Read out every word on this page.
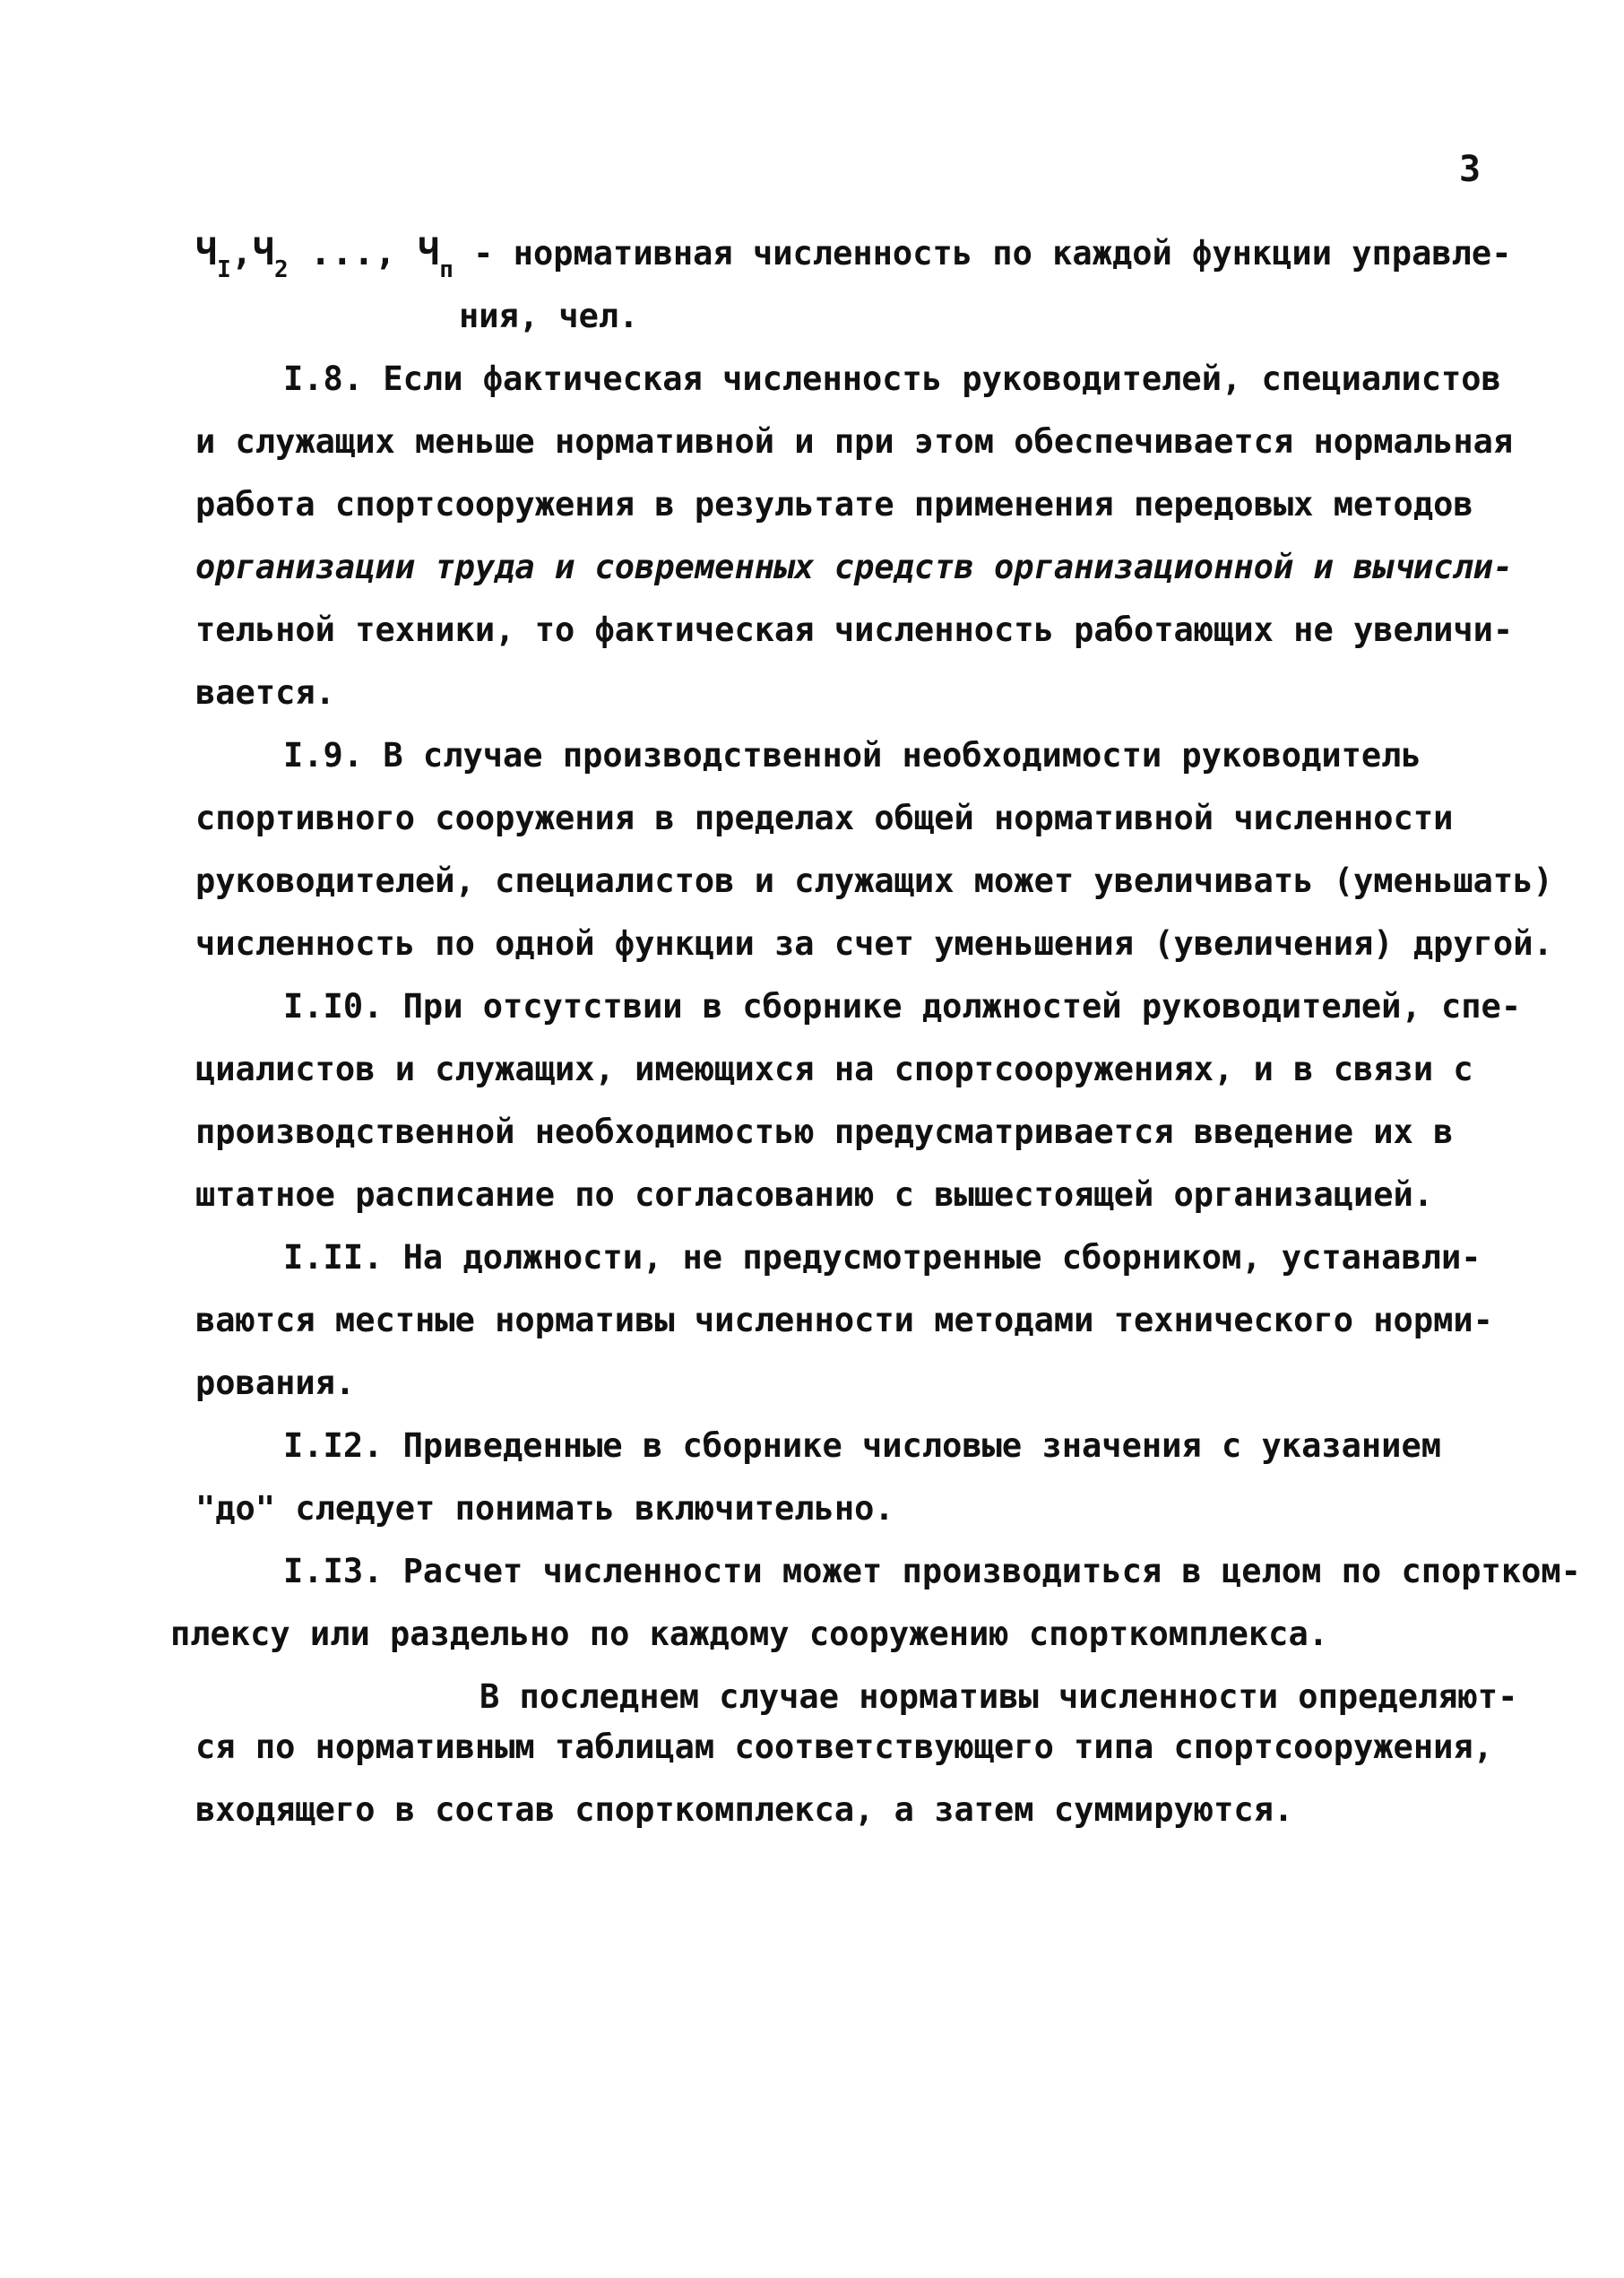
3
$Ч_I,Ч_2$ ..., $Ч_п$ - нормативная численность по каждой функции управле-
ния, чел.
I.8. Если фактическая численность руководителей, специалистов
и служащих меньше нормативной и при этом обеспечивается нормальная
работа спортсооружения в результате применения передовых методов
организации труда и современных средств организационной и вычисли-
тельной техники, то фактическая численность работающих не увеличи-
вается.
I.9. В случае производственной необходимости руководитель
спортивного сооружения в пределах общей нормативной численности
руководителей, специалистов и служащих может увеличивать (уменьшать)
численность по одной функции за счет уменьшения (увеличения) другой.
I.I0. При отсутствии в сборнике должностей руководителей, спе-
циалистов и служащих, имеющихся на спортсооружениях, и в связи с
производственной необходимостью предусматривается введение их в
штатное расписание по согласованию с вышестоящей организацией.
I.II. На должности, не предусмотренные сборником, устанавли-
ваются местные нормативы численности методами технического норми-
рования.
I.I2. Приведенные в сборнике числовые значения с указанием
"до" следует понимать включительно.
I.I3. Расчет численности может производиться в целом по спортком-
плексу или раздельно по каждому сооружению спорткомплекса.
В последнем случае нормативы численности определяют-
ся по нормативным таблицам соответствующего типа спортсооружения,
входящего в состав спорткомплекса, а затем суммируются.
